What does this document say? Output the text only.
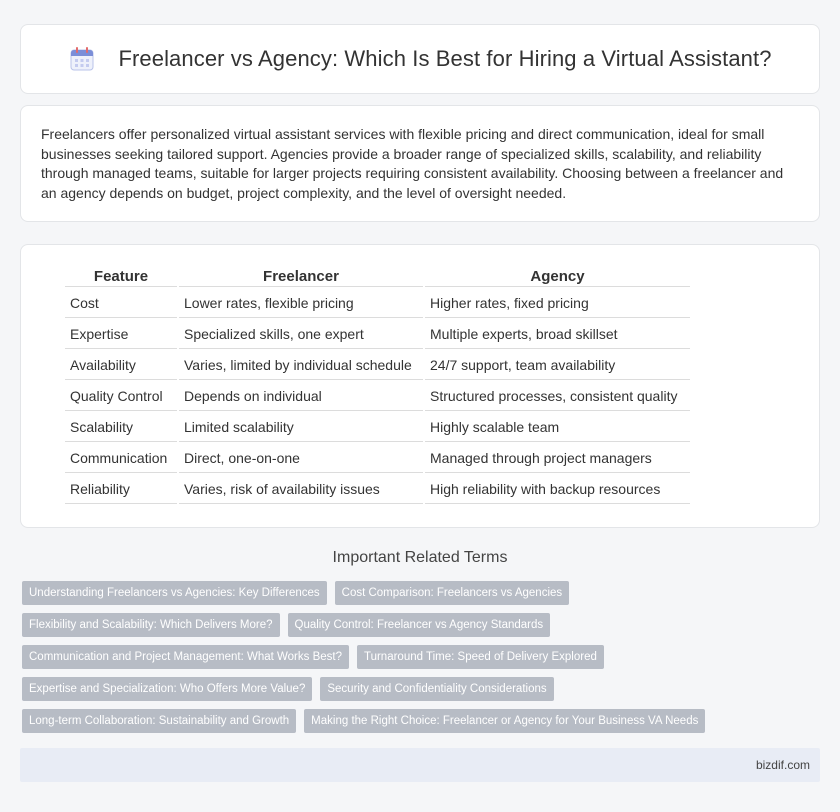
Freelancer vs Agency: Which Is Best for Hiring a Virtual Assistant?

Freelancers offer personalized virtual assistant services with flexible pricing and direct communication, ideal for small businesses seeking tailored support. Agencies provide a broader range of specialized skills, scalability, and reliability through managed teams, suitable for larger projects requiring consistent availability. Choosing between a freelancer and an agency depends on budget, project complexity, and the level of oversight needed.

Feature	Freelancer	Agency
Cost	Lower rates, flexible pricing	Higher rates, fixed pricing
Expertise	Specialized skills, one expert	Multiple experts, broad skillset
Availability	Varies, limited by individual schedule	24/7 support, team availability
Quality Control	Depends on individual	Structured processes, consistent quality
Scalability	Limited scalability	Highly scalable team
Communication	Direct, one-on-one	Managed through project managers
Reliability	Varies, risk of availability issues	High reliability with backup resources
Important Related Terms
Understanding Freelancers vs Agencies: Key Differences	Cost Comparison: Freelancers vs Agencies
Flexibility and Scalability: Which Delivers More?	Quality Control: Freelancer vs Agency Standards
Communication and Project Management: What Works Best?	Turnaround Time: Speed of Delivery Explored
Expertise and Specialization: Who Offers More Value?	Security and Confidentiality Considerations
Long-term Collaboration: Sustainability and Growth	Making the Right Choice: Freelancer or Agency for Your Business VA Needs
bizdif.com
